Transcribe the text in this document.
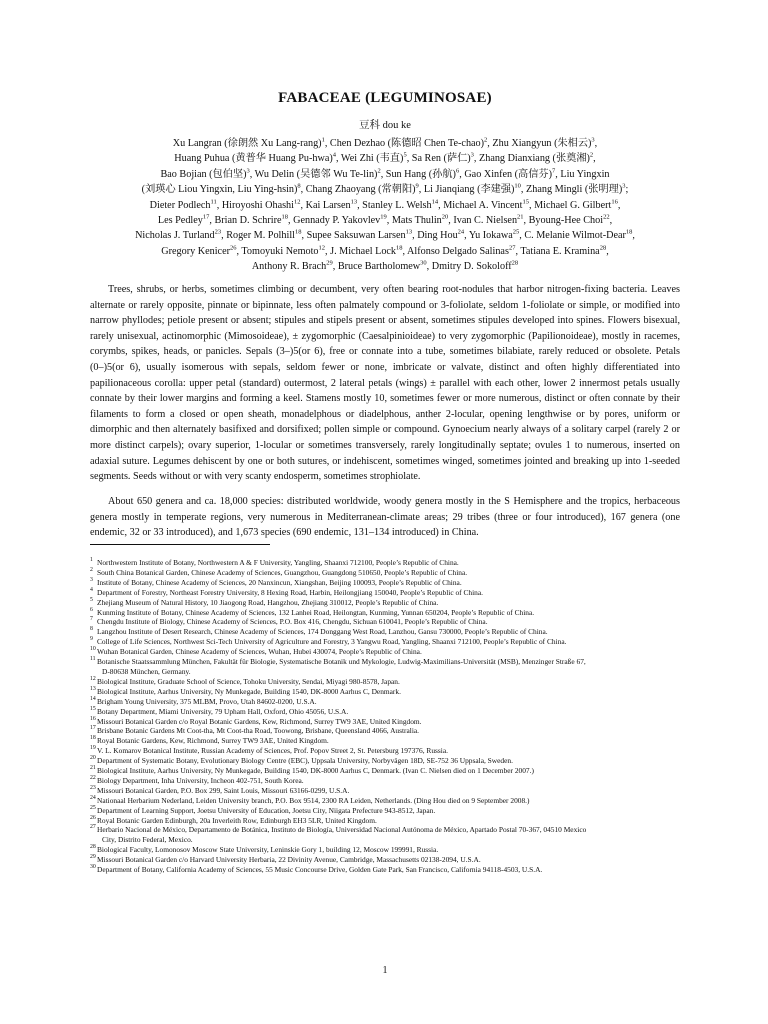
FABACEAE (LEGUMINOSAE)
豆科 dou ke
Xu Langran (徐朗然 Xu Lang-rang)$^1$, Chen Dezhao (陈德昭 Chen Te-chao)$^2$, Zhu Xiangyun (朱相云)$^3$,
Huang Puhua (黄普华 Huang Pu-hwa)$^4$, Wei Zhi (韦直)$^5$, Sa Ren (萨仁)$^3$, Zhang Dianxiang (张奠湘)$^2$,
Bao Bojian (包伯坚)$^3$, Wu Delin (吴德邻 Wu Te-lin)$^2$, Sun Hang (孙航)$^6$, Gao Xinfen (高信芬)$^7$, Liu Yingxin
(刘瑛心 Liou Yingxin, Liu Ying-hsin)$^8$, Chang Zhaoyang (常朝阳)$^9$, Li Jianqiang (李建强)$^{10}$, Zhang Mingli (张明理)$^3$;
Dieter Podlech$^{11}$, Hiroyoshi Ohashi$^{12}$, Kai Larsen$^{13}$, Stanley L. Welsh$^{14}$, Michael A. Vincent$^{15}$, Michael G. Gilbert$^{16}$,
Les Pedley$^{17}$, Brian D. Schrire$^{18}$, Gennady P. Yakovlev$^{19}$, Mats Thulin$^{20}$, Ivan C. Nielsen$^{21}$, Byoung-Hee Choi$^{22}$,
Nicholas J. Turland$^{23}$, Roger M. Polhill$^{18}$, Supee Saksuwan Larsen$^{13}$, Ding Hou$^{24}$, Yu Iokawa$^{25}$, C. Melanie Wilmot-Dear$^{18}$,
Gregory Kenicer$^{26}$, Tomoyuki Nemoto$^{12}$, J. Michael Lock$^{18}$, Alfonso Delgado Salinas$^{27}$, Tatiana E. Kramina$^{28}$,
Anthony R. Brach$^{29}$, Bruce Bartholomew$^{30}$, Dmitry D. Sokoloff$^{28}$

Trees, shrubs, or herbs, sometimes climbing or decumbent, very often bearing root-nodules that harbor nitrogen-fixing bacteria. Leaves alternate or rarely opposite, pinnate or bipinnate, less often palmately compound or 3-foliolate, seldom 1-foliolate or simple, or modified into narrow phyllodes; petiole present or absent; stipules and stipels present or absent, sometimes stipules developed into spines. Flowers bisexual, rarely unisexual, actinomorphic (Mimosoideae), ± zygomorphic (Caesalpinioideae) to very zygomorphic (Papilionoideae), mostly in racemes, corymbs, spikes, heads, or panicles. Sepals (3–)5(or 6), free or connate into a tube, sometimes bilabiate, rarely reduced or obsolete. Petals (0–)5(or 6), usually isomerous with sepals, seldom fewer or none, imbricate or valvate, distinct and often highly differentiated into papilionaceous corolla: upper petal (standard) outermost, 2 lateral petals (wings) ± parallel with each other, lower 2 innermost petals usually connate by their lower margins and forming a keel. Stamens mostly 10, sometimes fewer or more numerous, distinct or often connate by their filaments to form a closed or open sheath, monadelphous or diadelphous, anther 2-locular, opening lengthwise or by pores, uniform or dimorphic and then alternately basifixed and dorsifixed; pollen simple or compound. Gynoecium nearly always of a solitary carpel (rarely 2 or more distinct carpels); ovary superior, 1-locular or sometimes transversely, rarely longitudinally septate; ovules 1 to numerous, inserted on adaxial suture. Legumes dehiscent by one or both sutures, or indehiscent, sometimes winged, sometimes jointed and breaking up into 1-seeded segments. Seeds without or with very scanty endosperm, sometimes strophiolate.

About 650 genera and ca. 18,000 species: distributed worldwide, woody genera mostly in the S Hemisphere and the tropics, herbaceous genera mostly in temperate regions, very numerous in Mediterranean-climate areas; 29 tribes (three or four introduced), 167 genera (one endemic, 32 or 33 introduced), and 1,673 species (690 endemic, 131–134 introduced) in China.

1 Northwestern Institute of Botany, Northwestern A & F University, Yangling, Shaanxi 712100, People’s Republic of China.
2 South China Botanical Garden, Chinese Academy of Sciences, Guangzhou, Guangdong 510650, People’s Republic of China.
3 Institute of Botany, Chinese Academy of Sciences, 20 Nanxincun, Xiangshan, Beijing 100093, People’s Republic of China.
4 Department of Forestry, Northeast Forestry University, 8 Hexing Road, Harbin, Heilongjiang 150040, People’s Republic of China.
5 Zhejiang Museum of Natural History, 10 Jiaogong Road, Hangzhou, Zhejiang 310012, People’s Republic of China.
6 Kunming Institute of Botany, Chinese Academy of Sciences, 132 Lanhei Road, Heilongtan, Kunming, Yunnan 650204, People’s Republic of China.
7 Chengdu Institute of Biology, Chinese Academy of Sciences, P.O. Box 416, Chengdu, Sichuan 610041, People’s Republic of China.
8 Langzhou Institute of Desert Research, Chinese Academy of Sciences, 174 Donggang West Road, Lanzhou, Gansu 730000, People’s Republic of China.
9 College of Life Sciences, Northwest Sci-Tech University of Agriculture and Forestry, 3 Yangwu Road, Yangling, Shaanxi 712100, People’s Republic of China.
10 Wuhan Botanical Garden, Chinese Academy of Sciences, Wuhan, Hubei 430074, People’s Republic of China.
11 Botanische Staatssammlung München, Fakultät für Biologie, Systematische Botanik und Mykologie, Ludwig-Maximilians-Universität (MSB), Menzinger Straße 67,
D-80638 München, Germany.
12 Biological Institute, Graduate School of Science, Tohoku University, Sendai, Miyagi 980-8578, Japan.
13 Biological Institute, Aarhus University, Ny Munkegade, Building 1540, DK-8000 Aarhus C, Denmark.
14 Brigham Young University, 375 MLBM, Provo, Utah 84602-0200, U.S.A.
15 Botany Department, Miami University, 79 Upham Hall, Oxford, Ohio 45056, U.S.A.
16 Missouri Botanical Garden c/o Royal Botanic Gardens, Kew, Richmond, Surrey TW9 3AE, United Kingdom.
17 Brisbane Botanic Gardens Mt Coot-tha, Mt Coot-tha Road, Toowong, Brisbane, Queensland 4066, Australia.
18 Royal Botanic Gardens, Kew, Richmond, Surrey TW9 3AE, United Kingdom.
19 V. L. Komarov Botanical Institute, Russian Academy of Sciences, Prof. Popov Street 2, St. Petersburg 197376, Russia.
20 Department of Systematic Botany, Evolutionary Biology Centre (EBC), Uppsala University, Norbyvägen 18D, SE-752 36 Uppsala, Sweden.
21 Biological Institute, Aarhus University, Ny Munkegade, Building 1540, DK-8000 Aarhus C, Denmark. (Ivan C. Nielsen died on 1 December 2007.)
22 Biology Department, Inha University, Incheon 402-751, South Korea.
23 Missouri Botanical Garden, P.O. Box 299, Saint Louis, Missouri 63166-0299, U.S.A.
24 Nationaal Herbarium Nederland, Leiden University branch, P.O. Box 9514, 2300 RA Leiden, Netherlands. (Ding Hou died on 9 September 2008.)
25 Department of Learning Support, Joetsu University of Education, Joetsu City, Niigata Prefecture 943-8512, Japan.
26 Royal Botanic Garden Edinburgh, 20a Inverleith Row, Edinburgh EH3 5LR, United Kingdom.
27 Herbario Nacional de México, Departamento de Botánica, Instituto de Biología, Universidad Nacional Autónoma de México, Apartado Postal 70-367, 04510 Mexico
City, Distrito Federal, Mexico.
28 Biological Faculty, Lomonosov Moscow State University, Leninskie Gory 1, building 12, Moscow 199991, Russia.
29 Missouri Botanical Garden c/o Harvard University Herbaria, 22 Divinity Avenue, Cambridge, Massachusetts 02138-2094, U.S.A.
30 Department of Botany, California Academy of Sciences, 55 Music Concourse Drive, Golden Gate Park, San Francisco, California 94118-4503, U.S.A.
1
